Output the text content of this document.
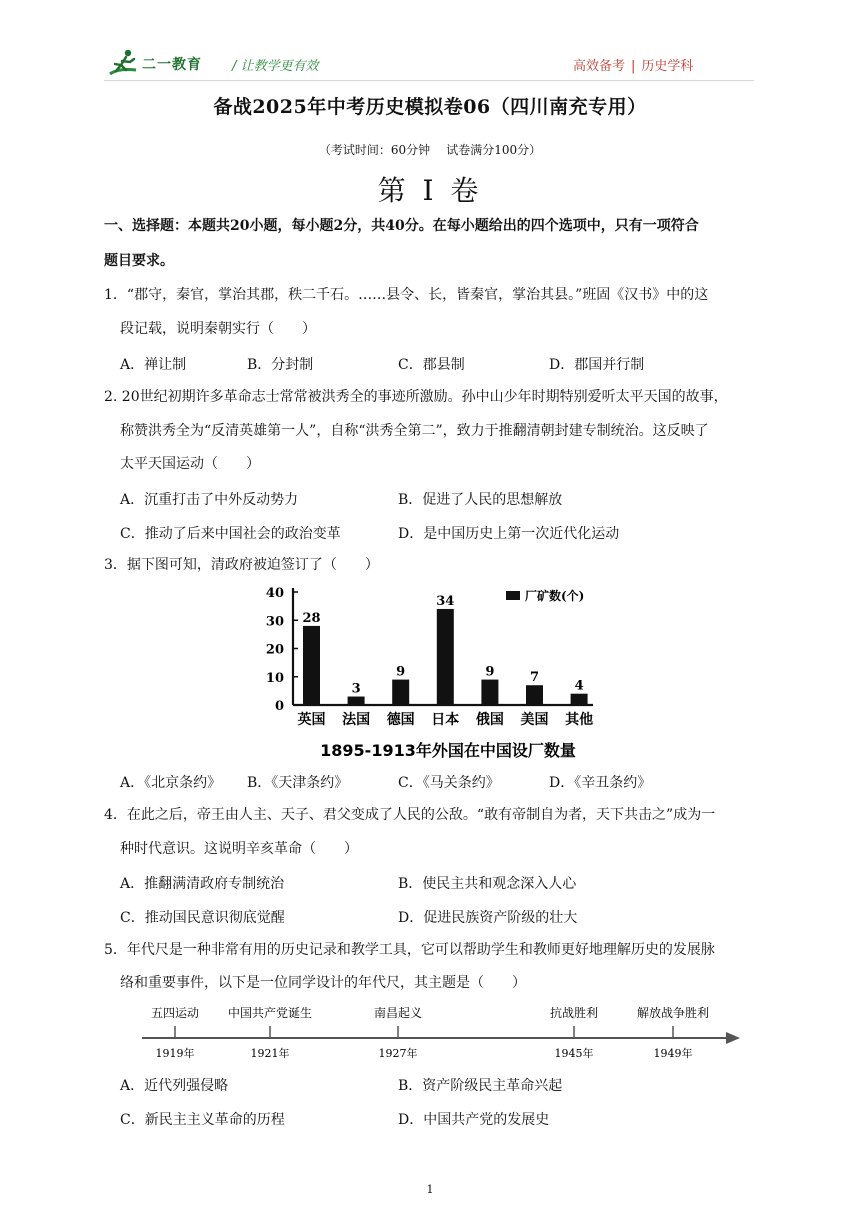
二一教育 / 让教学更有效	高效备考 | 历史学科
备战2025年中考历史模拟卷06（四川南充专用）
（考试时间：60分钟 试卷满分100分）
第 I 卷
一、选择题：本题共20小题，每小题2分，共40分。在每小题给出的四个选项中，只有一项符合
题目要求。
1．“郡守，秦官，掌治其郡，秩二千石。……县令、长，皆秦官，掌治其县。”班固《汉书》中的这
段记载，说明秦朝实行（　　）
A．禅让制	B．分封制	C．郡县制	D．郡国并行制
2. 20世纪初期许多革命志士常常被洪秀全的事迹所激励。孙中山少年时期特别爱听太平天国的故事，
称赞洪秀全为“反清英雄第一人”，自称“洪秀全第二”，致力于推翻清朝封建专制统治。这反映了
太平天国运动（　　）
A．沉重打击了中外反动势力	B．促进了人民的思想解放
C．推动了后来中国社会的政治变革	D．是中国历史上第一次近代化运动
3．据下图可知，清政府被迫签订了（　　）
0
10
20
30
40
28
3
9
34
9	7
4
英国 法国 德国 日本 俄国 美国 其他
厂矿数(个)
1895-1913年外国在中国设厂数量
A．《北京条约》 B．《天津条约》	C．《马关条约》	D．《辛丑条约》
4．在此之后，帝王由人主、天子、君父变成了人民的公敌。“敢有帝制自为者，天下共击之”成为一
种时代意识。这说明辛亥革命（　　）
A．推翻满清政府专制统治	B．使民主共和观念深入人心
C．推动国民意识彻底觉醒	D．促进民族资产阶级的壮大
5．年代尺是一种非常有用的历史记录和教学工具，它可以帮助学生和教师更好地理解历史的发展脉
络和重要事件，以下是一位同学设计的年代尺，其主题是（　　）
五四运动
1919年
中国共产党诞生
1921年
南昌起义
1927年
抗战胜利
1945年
解放战争胜利
1949年
A．近代列强侵略	B．资产阶级民主革命兴起
C．新民主主义革命的历程	D．中国共产党的发展史
1
